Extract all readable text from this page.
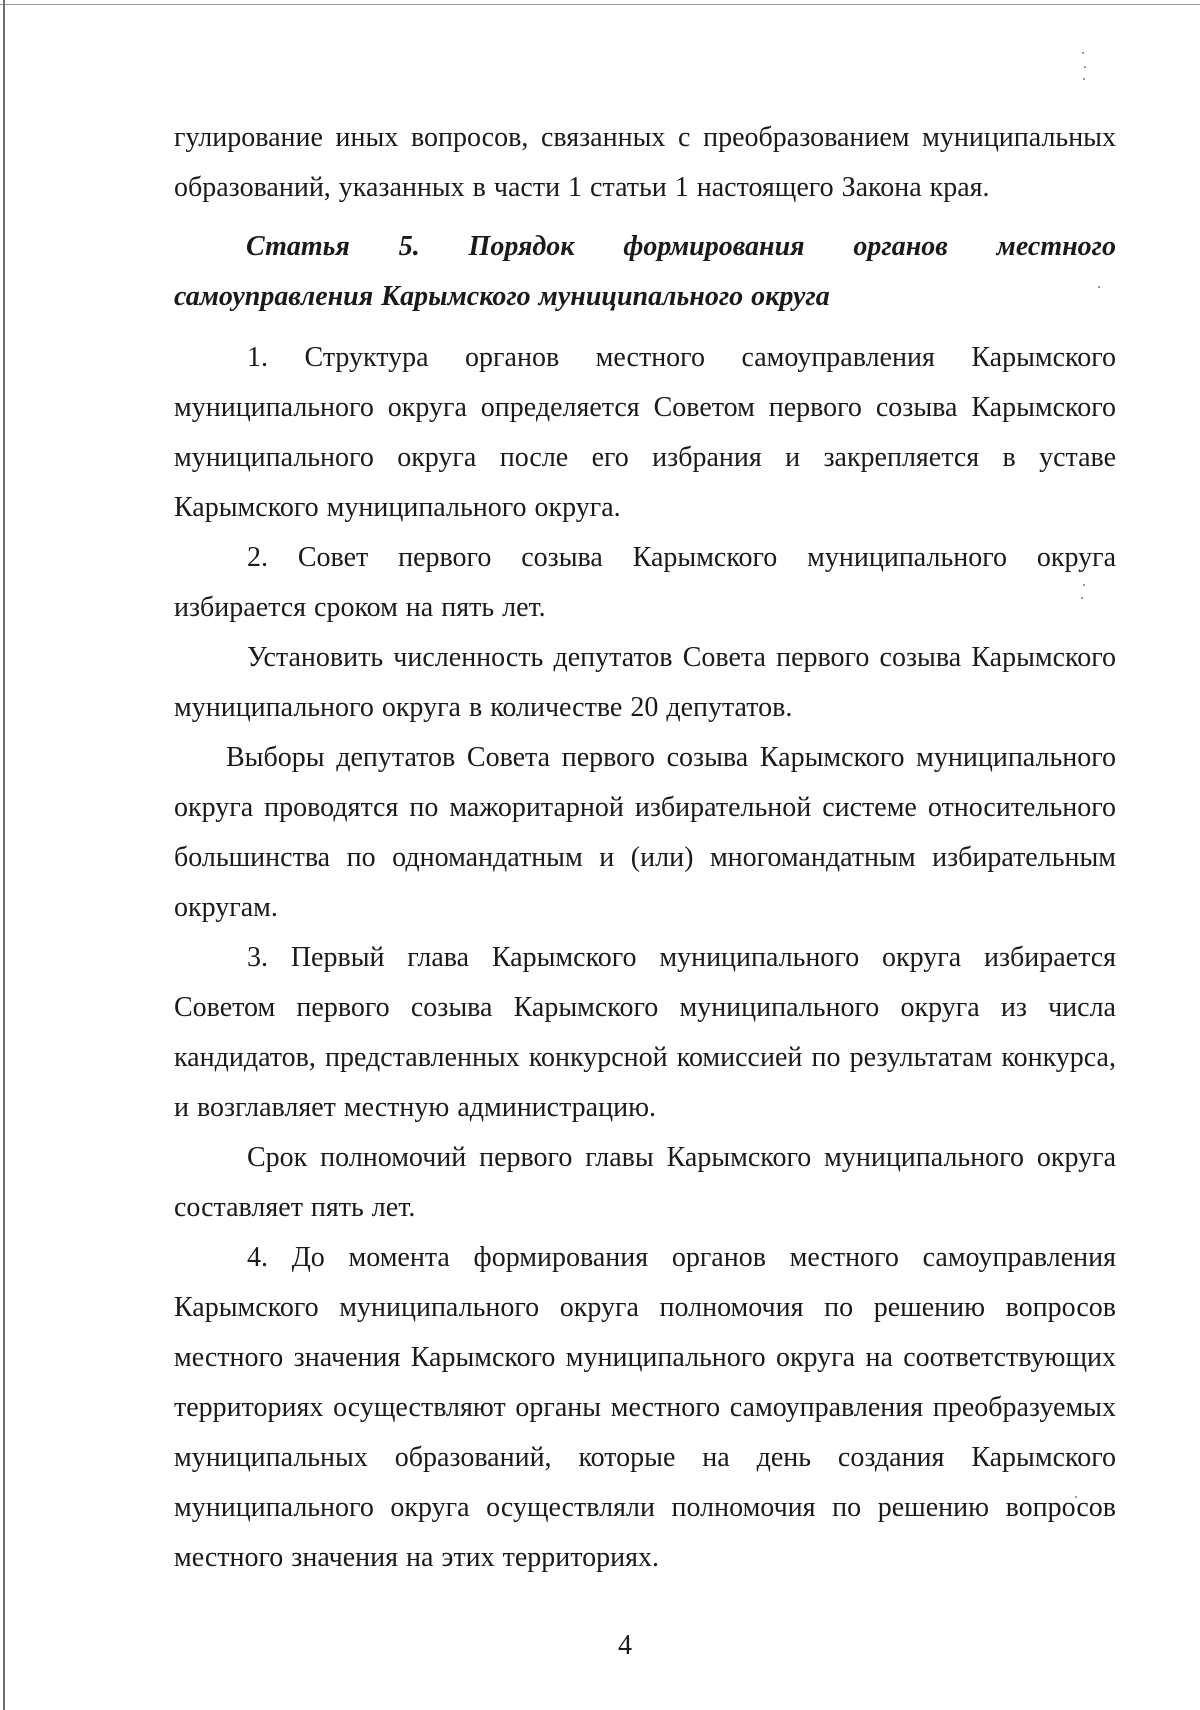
гулирование иных вопросов, связанных с преобразованием муниципальных образований, указанных в части 1 статьи 1 настоящего Закона края.

Статья 5. Порядок формирования органов местного самоуправления Карымского муниципального округа

1. Структура органов местного самоуправления Карымского муниципального округа определяется Советом первого созыва Карымского муниципального округа после его избрания и закрепляется в уставе Карымского муниципального округа.

2. Совет первого созыва Карымского муниципального округа избирается сроком на пять лет.

Установить численность депутатов Совета первого созыва Карымского муниципального округа в количестве 20 депутатов.

Выборы депутатов Совета первого созыва Карымского муниципального округа проводятся по мажоритарной избирательной системе относительного большинства по одномандатным и (или) многомандатным избирательным округам.

3. Первый глава Карымского муниципального округа избирается Советом первого созыва Карымского муниципального округа из числа кандидатов, представленных конкурсной комиссией по результатам конкурса, и возглавляет местную администрацию.

Срок полномочий первого главы Карымского муниципального округа составляет пять лет.

4. До момента формирования органов местного самоуправления Карымского муниципального округа полномочия по решению вопросов местного значения Карымского муниципального округа на соответствующих территориях осуществляют органы местного самоуправления преобразуемых муниципальных образований, которые на день создания Карымского муниципального округа осуществляли полномочия по решению вопросов местного значения на этих территориях.

4
